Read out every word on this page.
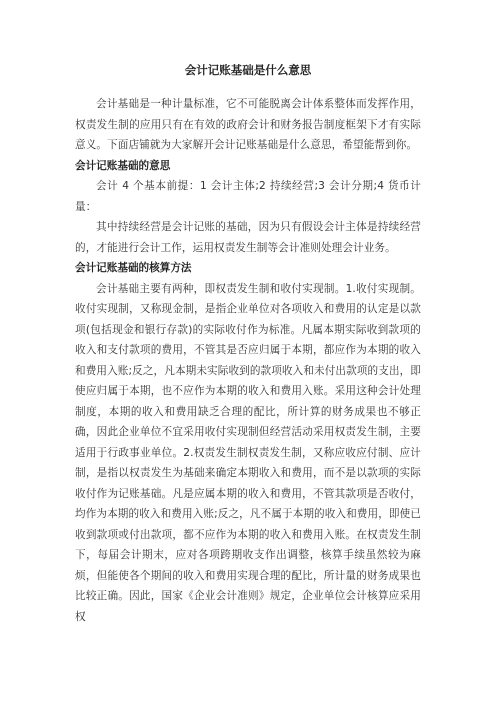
会计记账基础是什么意思

会计基础是一种计量标准，它不可能脱离会计体系整体而发挥作用，权责发生制的应用只有在有效的政府会计和财务报告制度框架下才有实际意义。下面店铺就为大家解开会计记账基础是什么意思，希望能帮到你。

会计记账基础的意思

会计 4 个基本前提：1 会计主体;2 持续经营;3 会计分期;4 货币计量：

其中持续经营是会计记账的基础，因为只有假设会计主体是持续经营的，才能进行会计工作，运用权责发生制等会计准则处理会计业务。

会计记账基础的核算方法

会计基础主要有两种，即权责发生制和收付实现制。1.收付实现制。收付实现制，又称现金制，是指企业单位对各项收入和费用的认定是以款项(包括现金和银行存款)的实际收付作为标准。凡属本期实际收到款项的收入和支付款项的费用，不管其是否应归属于本期，都应作为本期的收入和费用入账;反之，凡本期未实际收到的款项收入和未付出款项的支出，即使应归属于本期，也不应作为本期的收入和费用入账。采用这种会计处理制度，本期的收入和费用缺乏合理的配比，所计算的财务成果也不够正确，因此企业单位不宜采用收付实现制但经营活动采用权责发生制，主要适用于行政事业单位。2.权责发生制权责发生制，又称应收应付制、应计制，是指以权责发生为基础来确定本期收入和费用，而不是以款项的实际收付作为记账基础。凡是应属本期的收入和费用，不管其款项是否收付，均作为本期的收入和费用入账;反之，凡不属于本期的收入和费用，即使已收到款项或付出款项，都不应作为本期的收入和费用入账。在权责发生制下，每届会计期末，应对各项跨期收支作出调整，核算手续虽然较为麻烦，但能使各个期间的收入和费用实现合理的配比，所计量的财务成果也比较正确。因此，国家《企业会计准则》规定，企业单位会计核算应采用权
